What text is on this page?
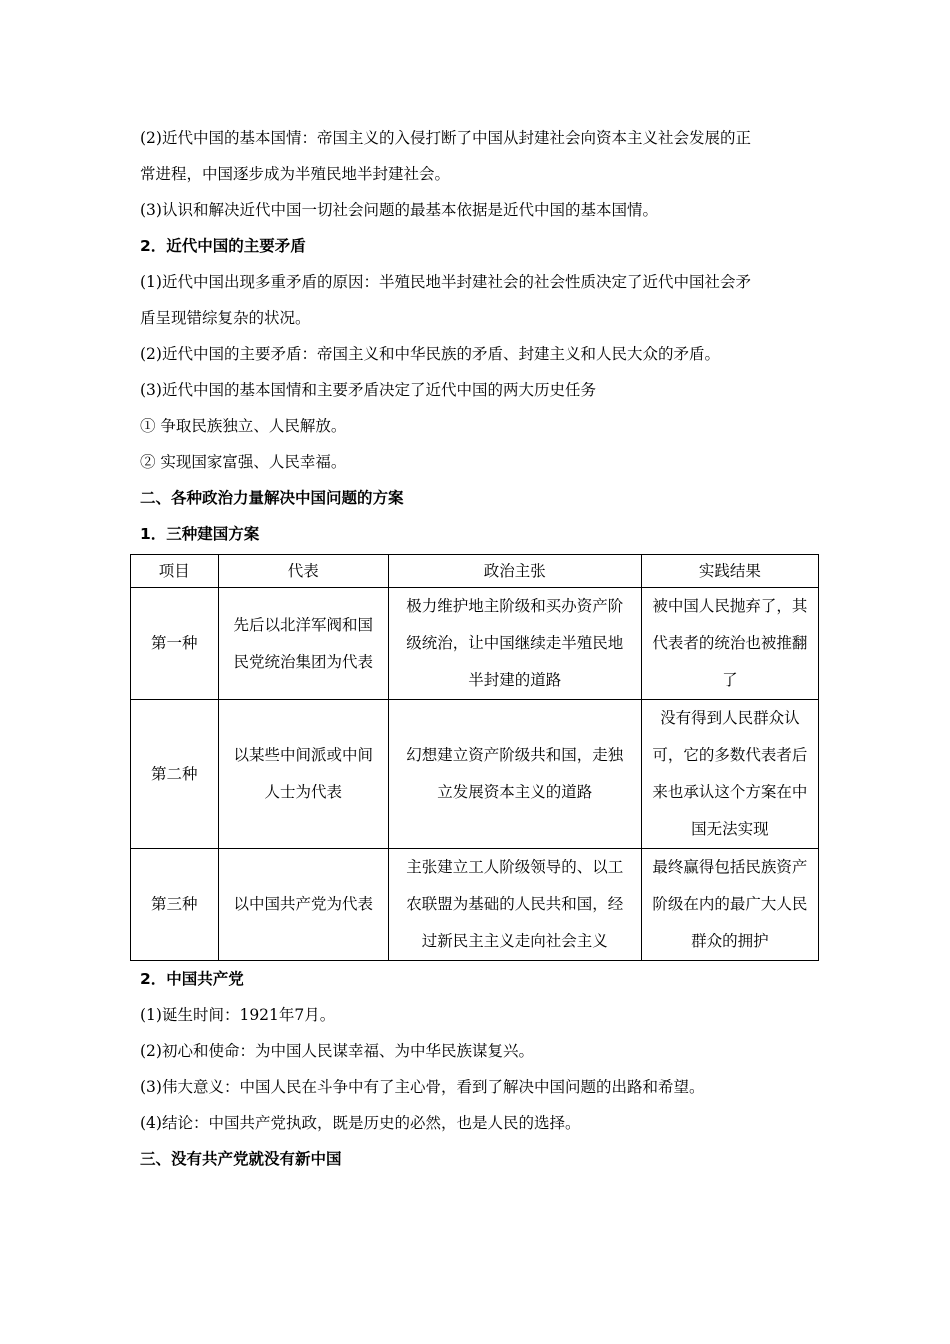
(2)近代中国的基本国情：帝国主义的入侵打断了中国从封建社会向资本主义社会发展的正

常进程，中国逐步成为半殖民地半封建社会。

(3)认识和解决近代中国一切社会问题的最基本依据是近代中国的基本国情。

2．近代中国的主要矛盾

(1)近代中国出现多重矛盾的原因：半殖民地半封建社会的社会性质决定了近代中国社会矛

盾呈现错综复杂的状况。

(2)近代中国的主要矛盾：帝国主义和中华民族的矛盾、封建主义和人民大众的矛盾。

(3)近代中国的基本国情和主要矛盾决定了近代中国的两大历史任务

① 争取民族独立、人民解放。

② 实现国家富强、人民幸福。

二、各种政治力量解决中国问题的方案

1．三种建国方案

项目	代表	政治主张	实践结果
第一种	先后以北洋军阀和国民党统治集团为代表	极力维护地主阶级和买办资产阶级统治，让中国继续走半殖民地半封建的道路	被中国人民抛弃了，其代表者的统治也被推翻了
第二种	以某些中间派或中间人士为代表	幻想建立资产阶级共和国，走独立发展资本主义的道路	没有得到人民群众认可，它的多数代表者后来也承认这个方案在中国无法实现
第三种	以中国共产党为代表	主张建立工人阶级领导的、以工农联盟为基础的人民共和国，经过新民主主义走向社会主义	最终赢得包括民族资产阶级在内的最广大人民群众的拥护

2．中国共产党

(1)诞生时间：1921年7月。

(2)初心和使命：为中国人民谋幸福、为中华民族谋复兴。

(3)伟大意义：中国人民在斗争中有了主心骨，看到了解决中国问题的出路和希望。

(4)结论：中国共产党执政，既是历史的必然，也是人民的选择。

三、没有共产党就没有新中国
